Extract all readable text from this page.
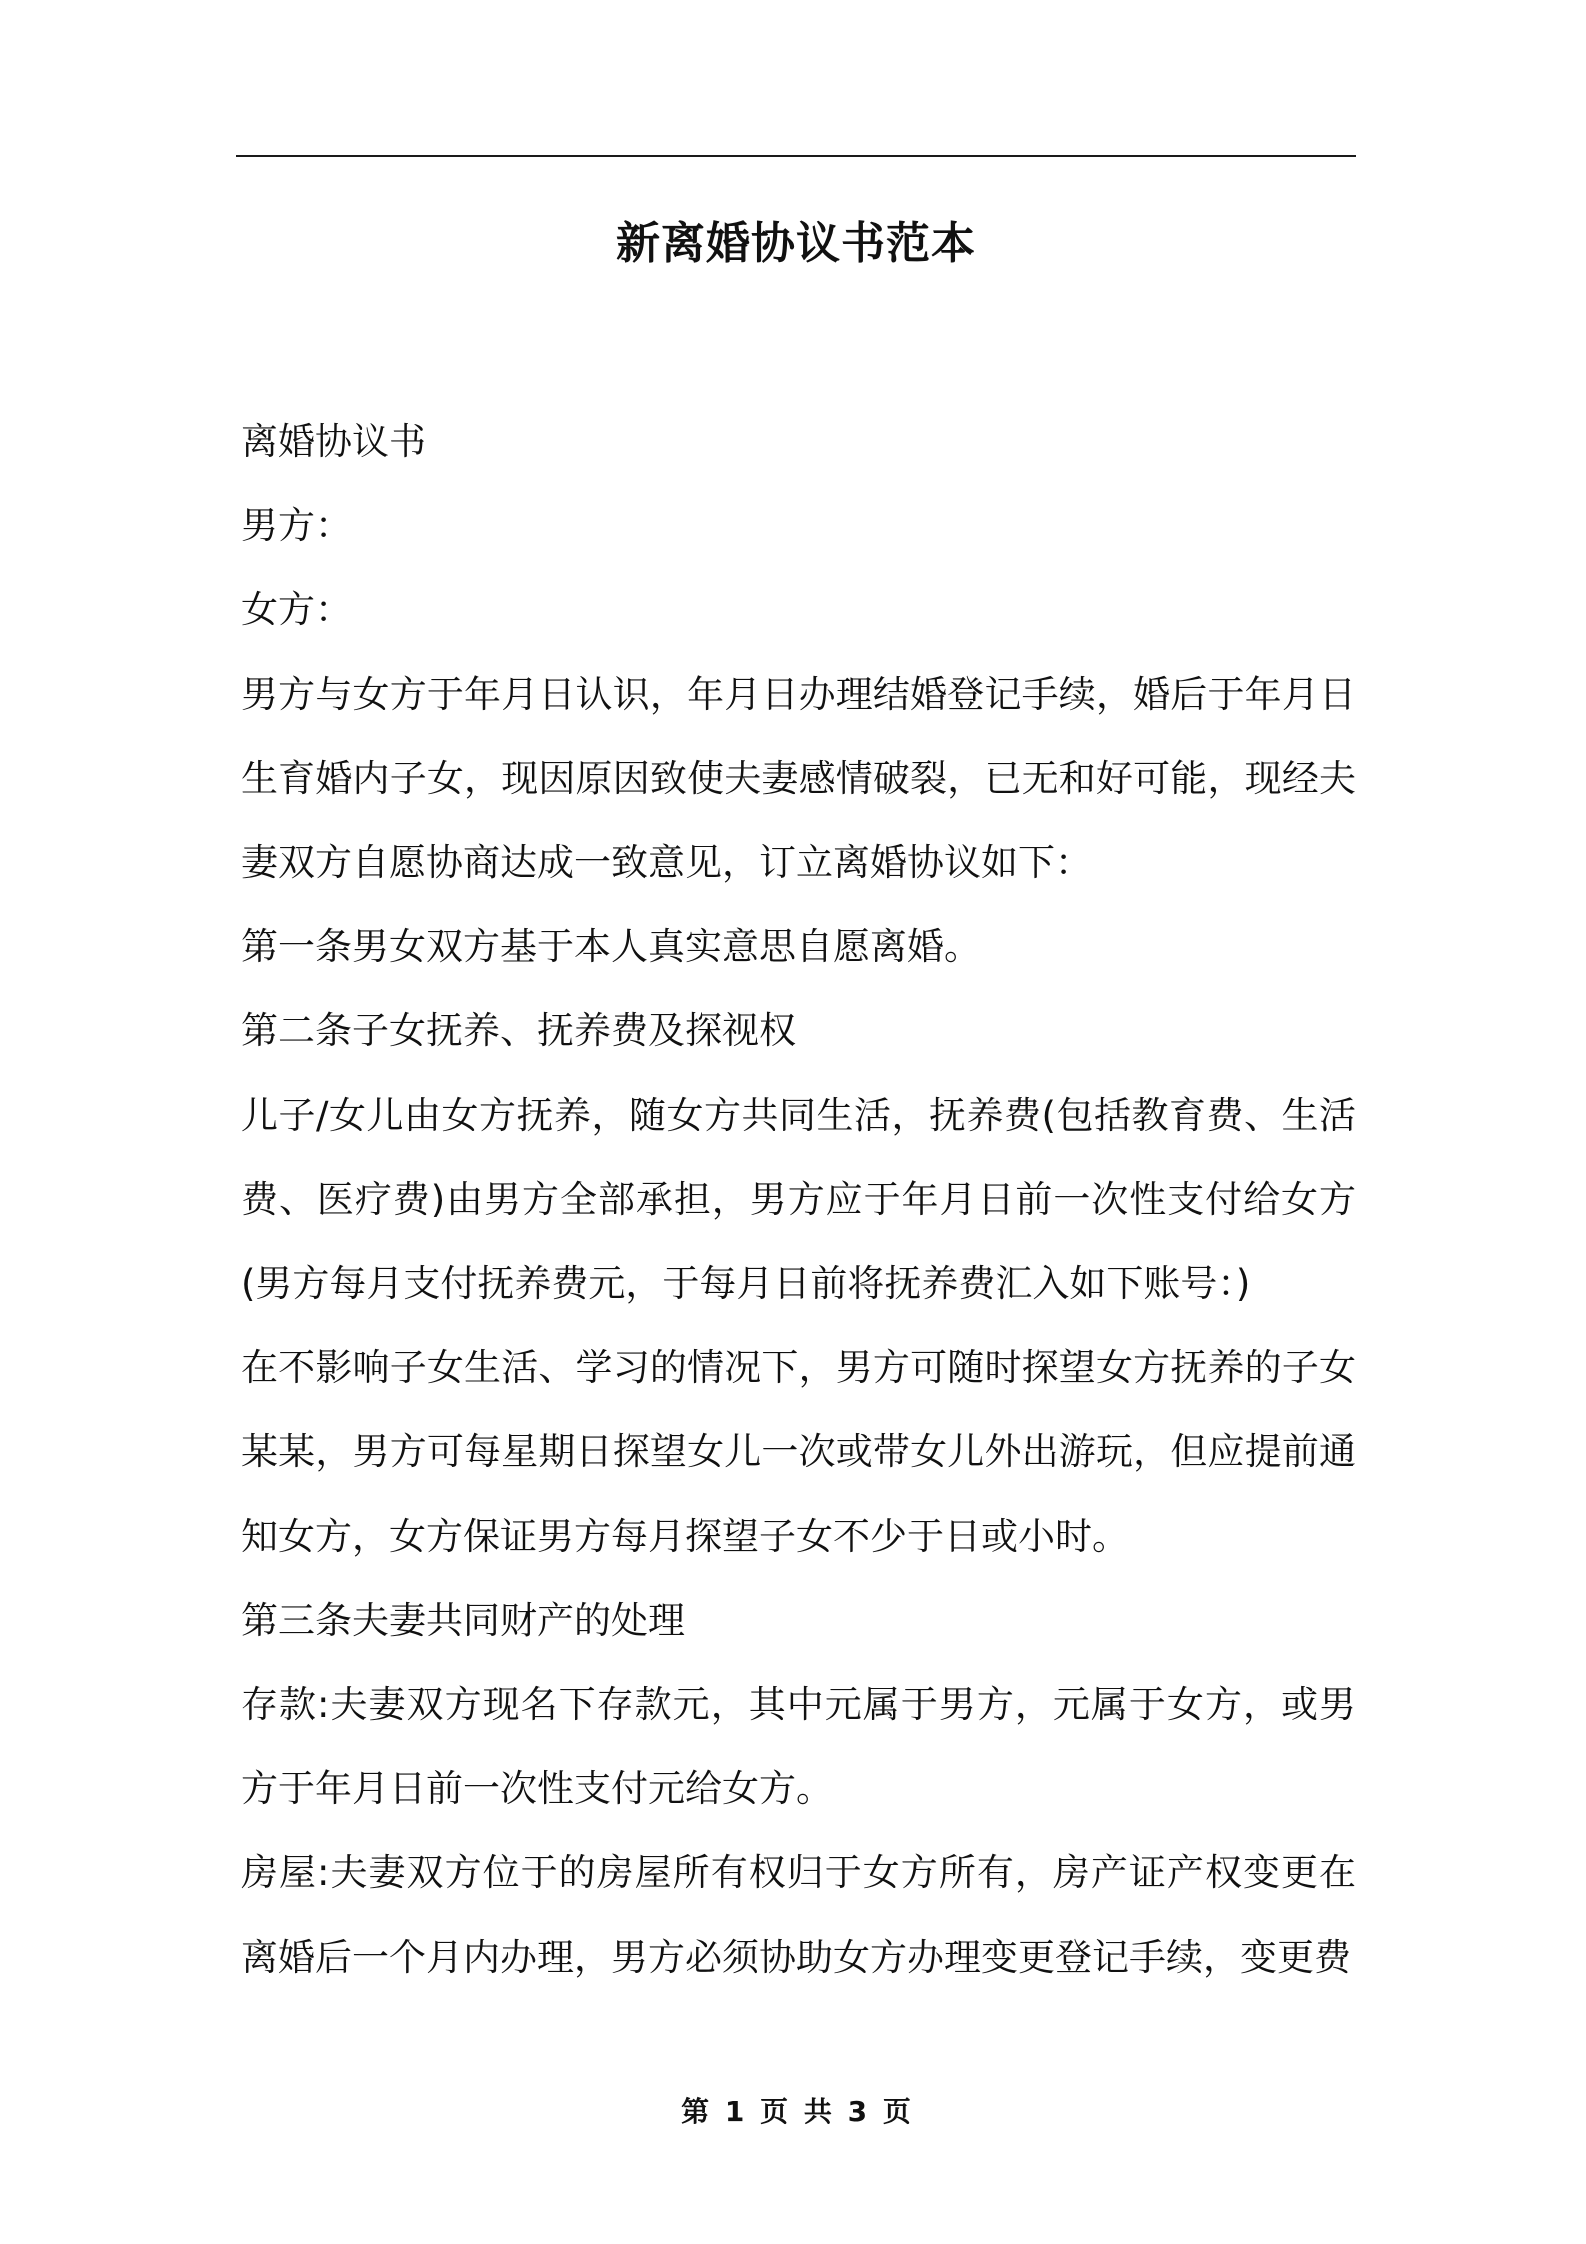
新离婚协议书范本

离婚协议书

男方：

女方：

男方与女方于年月日认识，年月日办理结婚登记手续，婚后于年月日生育婚内子女，现因原因致使夫妻感情破裂，已无和好可能，现经夫妻双方自愿协商达成一致意见，订立离婚协议如下：

第一条男女双方基于本人真实意思自愿离婚。

第二条子女抚养、抚养费及探视权

儿子/女儿由女方抚养，随女方共同生活，抚养费(包括教育费、生活费、医疗费)由男方全部承担，男方应于年月日前一次性支付给女方(男方每月支付抚养费元，于每月日前将抚养费汇入如下账号：)

在不影响子女生活、学习的情况下，男方可随时探望女方抚养的子女某某，男方可每星期日探望女儿一次或带女儿外出游玩，但应提前通知女方，女方保证男方每月探望子女不少于日或小时。

第三条夫妻共同财产的处理

存款:夫妻双方现名下存款元，其中元属于男方，元属于女方，或男方于年月日前一次性支付元给女方。

房屋:夫妻双方位于的房屋所有权归于女方所有，房产证产权变更在离婚后一个月内办理，男方必须协助女方办理变更登记手续，变更费

第 1 页 共 3 页
